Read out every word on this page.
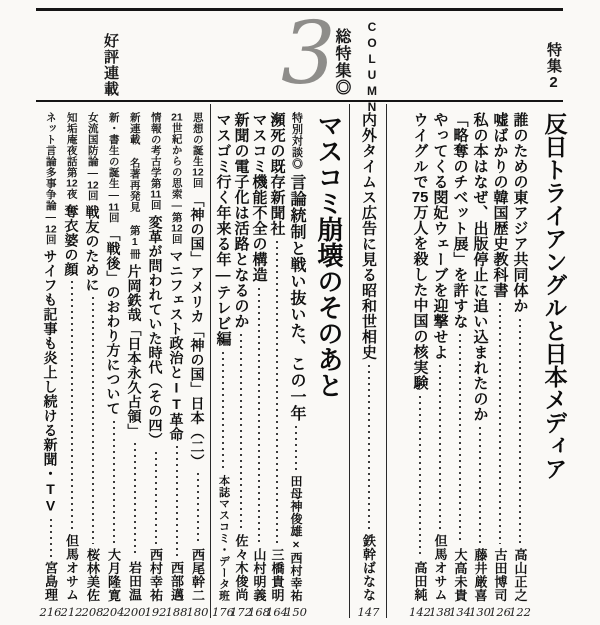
特集2
COLUMN
総特集◎
3
好評連載
反日トライアングルと日本メディア
誰のための東アジア共同体か
高山正之
122
嘘ばかりの韓国歴史教科書
古田博司
126
私の本はなぜ、出版停止に追い込まれたのか
藤井厳喜
130
「略奪のチベット展」を許すな
大高未貴
134
やってくる閔妃ウェーブを迎撃せよ
但馬オサム
138
ウイグルで75万人を殺した中国の核実験
高田純
142
内外タイムス広告に見る昭和世相史
鉄幹ばなな
147
マスコミ崩壊のそのあと
特別対談◎
言論統制と戦い抜いた、この一年
田母神俊雄×西村幸祐
150
瀕死の既存新聞社
三橋貴明
164
マスコミ機能不全の構造
山村明義
168
新聞の電子化は活路となるのか
佐々木俊尚
172
マスゴミ行く年来る年―テレビ編
本誌マスコミ・データ班
176
思想の誕生12回
「神の国」アメリカ「神の国」日本（二）
西尾幹二
180
21世紀からの思索―第12回
マニフェスト政治とIT革命
西部邁
188
情報の考古学第11回
変革が問われていた時代（その四）
西村幸祐
192
新連載 名著再発見 第1冊
片岡鉄哉「日本永久占領」
岩田温
200
新・書生の誕生―11回
「戦後」のおわり方について
大月隆寛
204
女流国防論―12回
戦友のために
桜林美佐
208
知垢庵夜話第12夜
奪衣婆の顔
但馬オサム
212
ネット言論多事争論―12回
サイフも記事も炎上し続ける新聞・TV
宮島理
216
